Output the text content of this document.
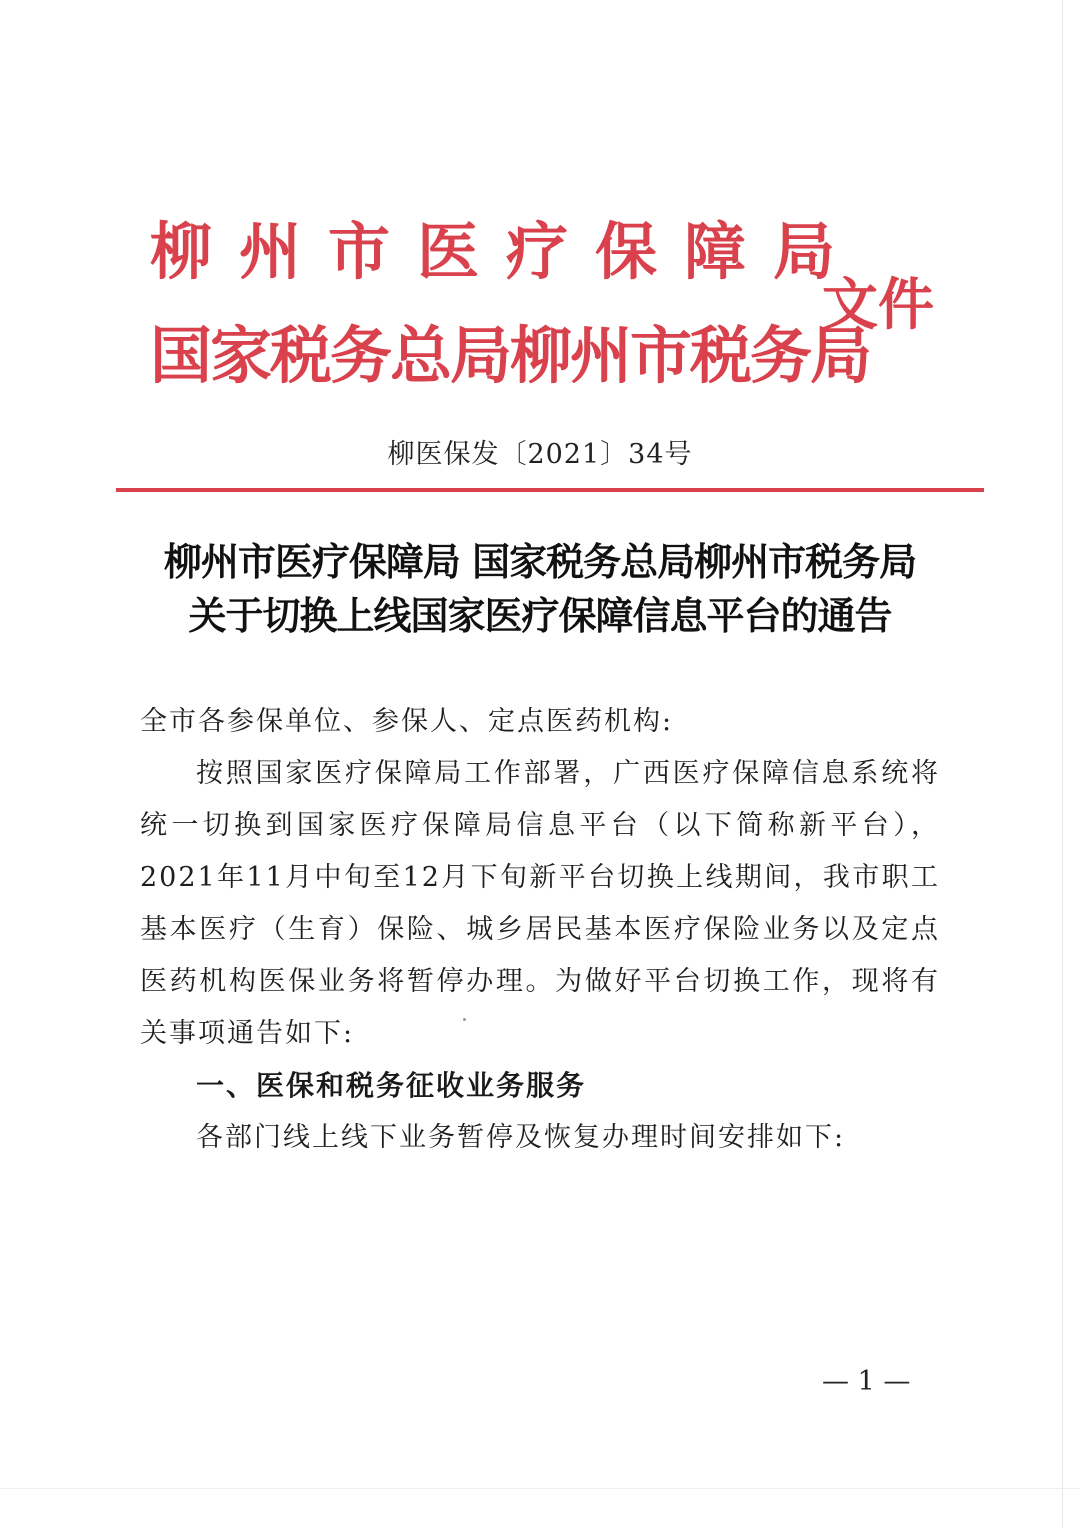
柳州市医疗保障局
国家税务总局柳州市税务局
文件
柳医保发〔2021〕34号
柳州市医疗保障局 国家税务总局柳州市税务局
关于切换上线国家医疗保障信息平台的通告
全市各参保单位、参保人、定点医药机构:
按照国家医疗保障局工作部署，广西医疗保障信息系统将统一切换到国家医疗保障局信息平台（以下简称新平台），2021年11月中旬至12月下旬新平台切换上线期间，我市职工基本医疗（生育）保险、城乡居民基本医疗保险业务以及定点医药机构医保业务将暂停办理。为做好平台切换工作，现将有关事项通告如下:
一、医保和税务征收业务服务
各部门线上线下业务暂停及恢复办理时间安排如下:
— 1 —
